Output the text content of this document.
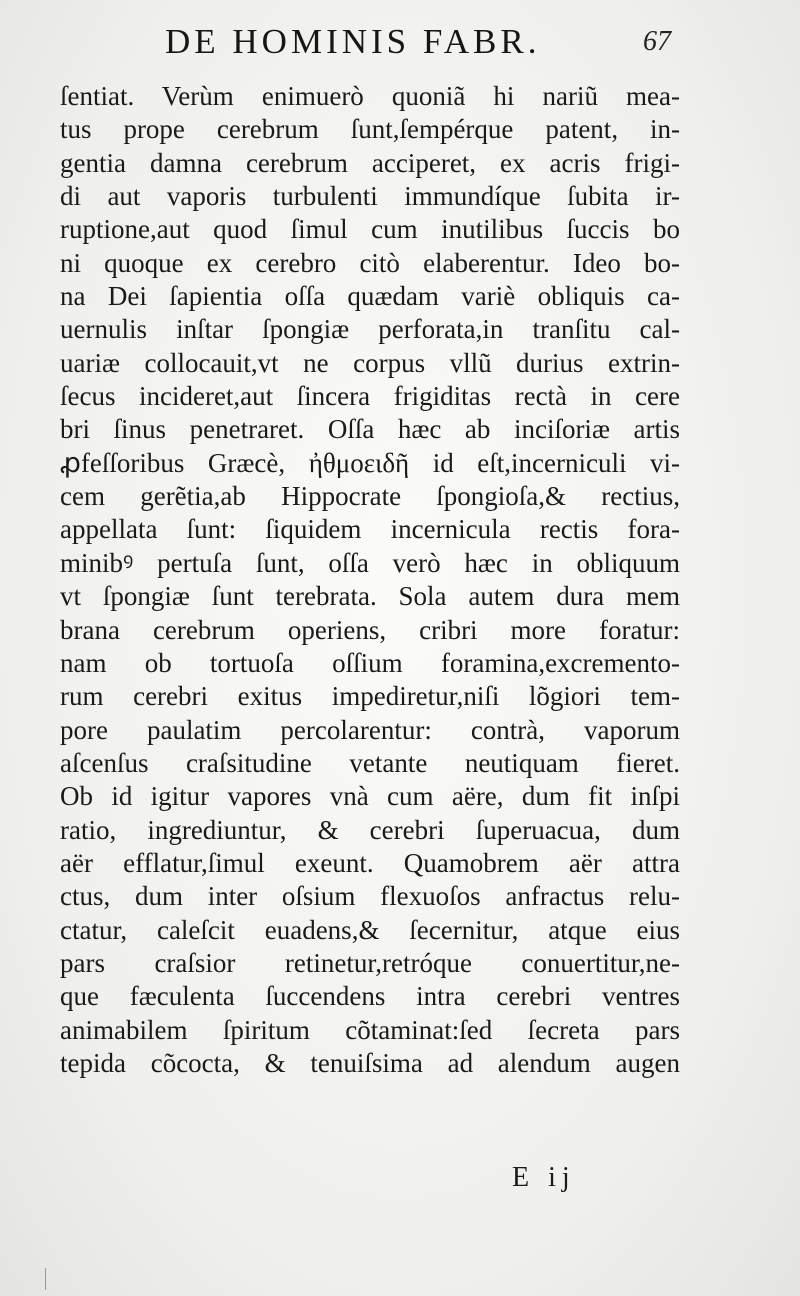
DE HOMINIS FABR.	67
ſentiat. Verùm enimuerò quoniã hi nariũ mea-
tus prope cerebrum ſunt,ſempérque patent, in-
gentia damna cerebrum acciperet, ex acris frigi-
di aut vaporis turbulenti immundíque ſubita ir-
ruptione,aut quod ſimul cum inutilibus ſuccis bo
ni quoque ex cerebro citò elaberentur. Ideo bo-
na Dei ſapientia oſſa quædam variè obliquis ca-
uernulis inſtar ſpongiæ perforata,in tranſitu cal-
uariæ collocauit,vt ne corpus vllũ durius extrin-
ſecus incideret,aut ſincera frigiditas rectà in cere
bri ſinus penetraret. Oſſa hæc ab inciſoriæ artis
ꝓfeſſoribus Græcè, ἠθμοειδῆ id eſt,incerniculi vi-
cem gerẽtia,ab Hippocrate ſpongioſa,& rectius,
appellata ſunt: ſiquidem incernicula rectis fora-
minibꝰ pertuſa ſunt, oſſa verò hæc in obliquum
vt ſpongiæ ſunt terebrata. Sola autem dura mem
brana cerebrum operiens, cribri more foratur:
nam ob tortuoſa oſſium foramina,excremento-
rum cerebri exitus impediretur,niſi lõgiori tem-
pore paulatim percolarentur: contrà, vaporum
aſcenſus craſsitudine vetante neutiquam fieret.
Ob id igitur vapores vnà cum aëre, dum fit inſpi
ratio, ingrediuntur, & cerebri ſuperuacua, dum
aër efflatur,ſimul exeunt. Quamobrem aër attra
ctus, dum inter oſsium flexuoſos anfractus relu-
ctatur, caleſcit euadens,& ſecernitur, atque eius
pars craſsior retinetur,retróque conuertitur,ne-
que fæculenta ſuccendens intra cerebri ventres
animabilem ſpiritum cõtaminat:ſed ſecreta pars
tepida cõcocta, & tenuiſsima ad alendum augen
E ij
